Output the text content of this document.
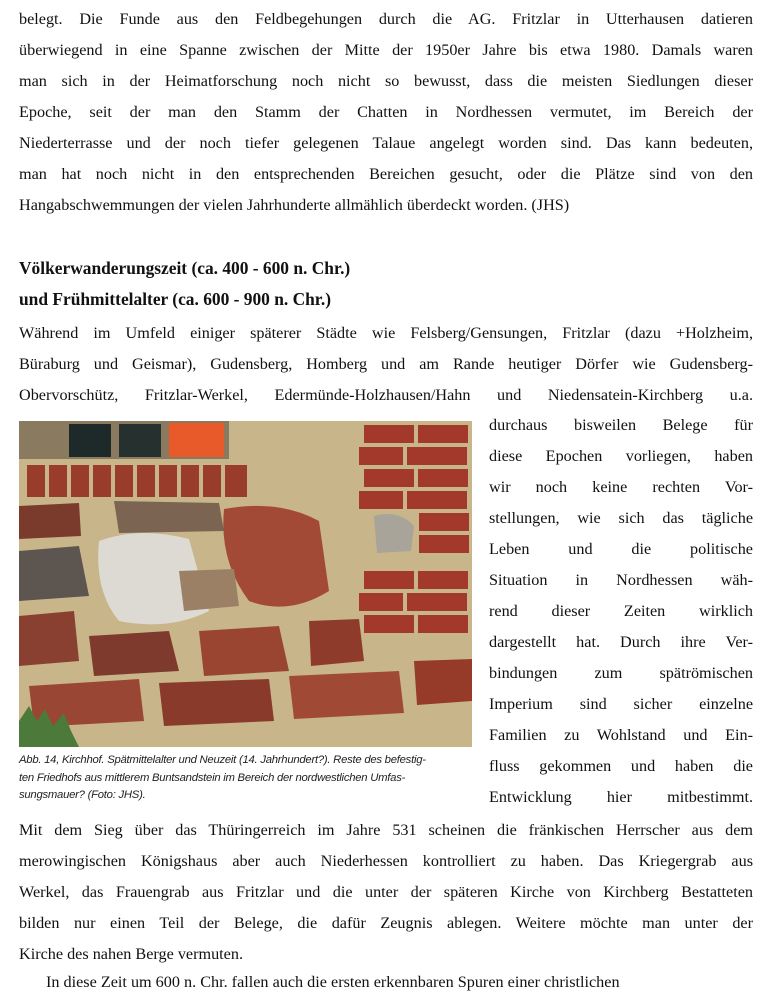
belegt. Die Funde aus den Feldbegehungen durch die AG. Fritzlar in Utterhausen datieren
überwiegend in eine Spanne zwischen der Mitte der 1950er Jahre bis etwa 1980. Damals waren
man sich in der Heimatforschung noch nicht so bewusst, dass die meisten Siedlungen dieser
Epoche, seit der man den Stamm der Chatten in Nordhessen vermutet, im Bereich der
Niederterrasse und der noch tiefer gelegenen Talaue angelegt worden sind. Das kann bedeuten,
man hat noch nicht in den entsprechenden Bereichen gesucht, oder die Plätze sind von den
Hangabschwemmungen der vielen Jahrhunderte allmählich überdeckt worden. (JHS)
Völkerwanderungszeit (ca. 400 - 600 n. Chr.)
und Frühmittelalter (ca. 600 - 900 n. Chr.)
Während im Umfeld einiger späterer Städte wie Felsberg/Gensungen, Fritzlar (dazu +Holzheim,
Büraburg und Geismar), Gudensberg, Homberg und am Rande heutiger Dörfer wie Gudensberg-
Obervorschütz, Fritzlar-Werkel, Edermünde-Holzhausen/Hahn und Niedensatein-Kirchberg u.a.
Abb. 14, Kirchhof. Spätmittelalter und Neuzeit (14. Jahrhundert?). Reste des befestig-
ten Friedhofs aus mittlerem Buntsandstein im Bereich der nordwestlichen Umfas-
sungsmauer? (Foto: JHS).
durchaus bisweilen Belege für
diese Epochen vorliegen, haben
wir noch keine rechten Vor-
stellungen, wie sich das tägliche
Leben und die politische
Situation in Nordhessen wäh-
rend dieser Zeiten wirklich
dargestellt hat. Durch ihre Ver-
bindungen zum spätrömischen
Imperium sind sicher einzelne
Familien zu Wohlstand und Ein-
fluss gekommen und haben die
Entwicklung hier mitbestimmt.
Mit dem Sieg über das Thüringerreich im Jahre 531 scheinen die fränkischen Herrscher aus dem
merowingischen Königshaus aber auch Niederhessen kontrolliert zu haben. Das Kriegergrab aus
Werkel, das Frauengrab aus Fritzlar und die unter der späteren Kirche von Kirchberg Bestatteten
bilden nur einen Teil der Belege, die dafür Zeugnis ablegen. Weitere möchte man unter der
Kirche des nahen Berge vermuten.
In diese Zeit um 600 n. Chr. fallen auch die ersten erkennbaren Spuren einer christlichen
